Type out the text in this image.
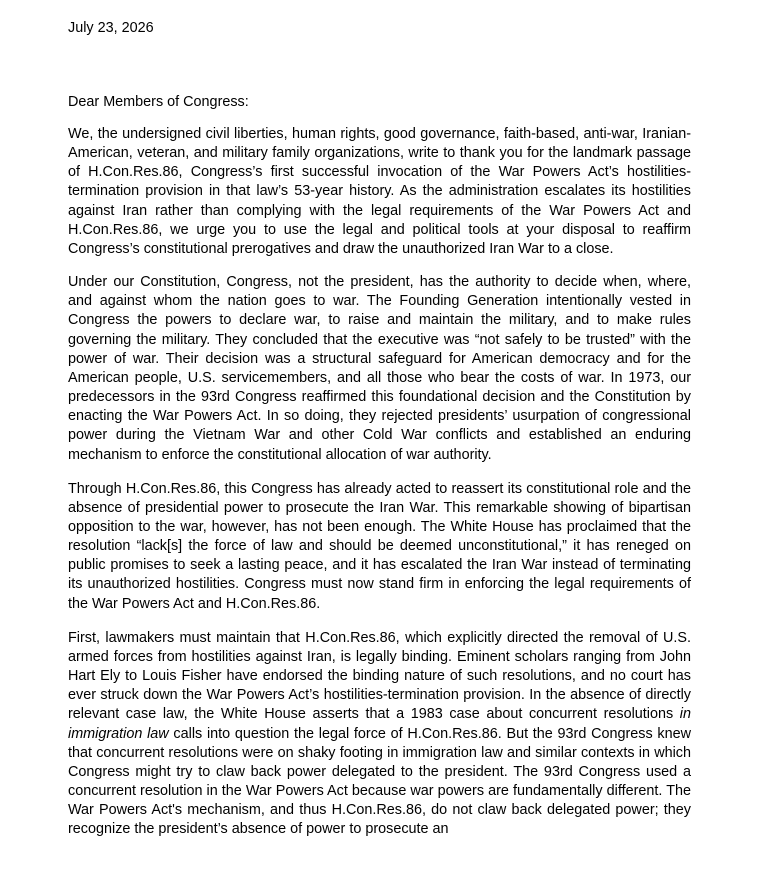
July 23, 2026

Dear Members of Congress:

We, the undersigned civil liberties, human rights, good governance, faith-based, anti-war, Iranian-American, veteran, and military family organizations, write to thank you for the landmark passage of H.Con.Res.86, Congress’s first successful invocation of the War Powers Act’s hostilities-termination provision in that law’s 53-year history. As the administration escalates its hostilities against Iran rather than complying with the legal requirements of the War Powers Act and H.Con.Res.86, we urge you to use the legal and political tools at your disposal to reaffirm Congress’s constitutional prerogatives and draw the unauthorized Iran War to a close.

Under our Constitution, Congress, not the president, has the authority to decide when, where, and against whom the nation goes to war. The Founding Generation intentionally vested in Congress the powers to declare war, to raise and maintain the military, and to make rules governing the military. They concluded that the executive was “not safely to be trusted” with the power of war. Their decision was a structural safeguard for American democracy and for the American people, U.S. servicemembers, and all those who bear the costs of war. In 1973, our predecessors in the 93rd Congress reaffirmed this foundational decision and the Constitution by enacting the War Powers Act. In so doing, they rejected presidents’ usurpation of congressional power during the Vietnam War and other Cold War conflicts and established an enduring mechanism to enforce the constitutional allocation of war authority.

Through H.Con.Res.86, this Congress has already acted to reassert its constitutional role and the absence of presidential power to prosecute the Iran War. This remarkable showing of bipartisan opposition to the war, however, has not been enough. The White House has proclaimed that the resolution “lack[s] the force of law and should be deemed unconstitutional,” it has reneged on public promises to seek a lasting peace, and it has escalated the Iran War instead of terminating its unauthorized hostilities. Congress must now stand firm in enforcing the legal requirements of the War Powers Act and H.Con.Res.86.

First, lawmakers must maintain that H.Con.Res.86, which explicitly directed the removal of U.S. armed forces from hostilities against Iran, is legally binding. Eminent scholars ranging from John Hart Ely to Louis Fisher have endorsed the binding nature of such resolutions, and no court has ever struck down the War Powers Act’s hostilities-termination provision. In the absence of directly relevant case law, the White House asserts that a 1983 case about concurrent resolutions in immigration law calls into question the legal force of H.Con.Res.86. But the 93rd Congress knew that concurrent resolutions were on shaky footing in immigration law and similar contexts in which Congress might try to claw back power delegated to the president. The 93rd Congress used a concurrent resolution in the War Powers Act because war powers are fundamentally different. The War Powers Act's mechanism, and thus H.Con.Res.86, do not claw back delegated power; they recognize the president’s absence of power to prosecute an
